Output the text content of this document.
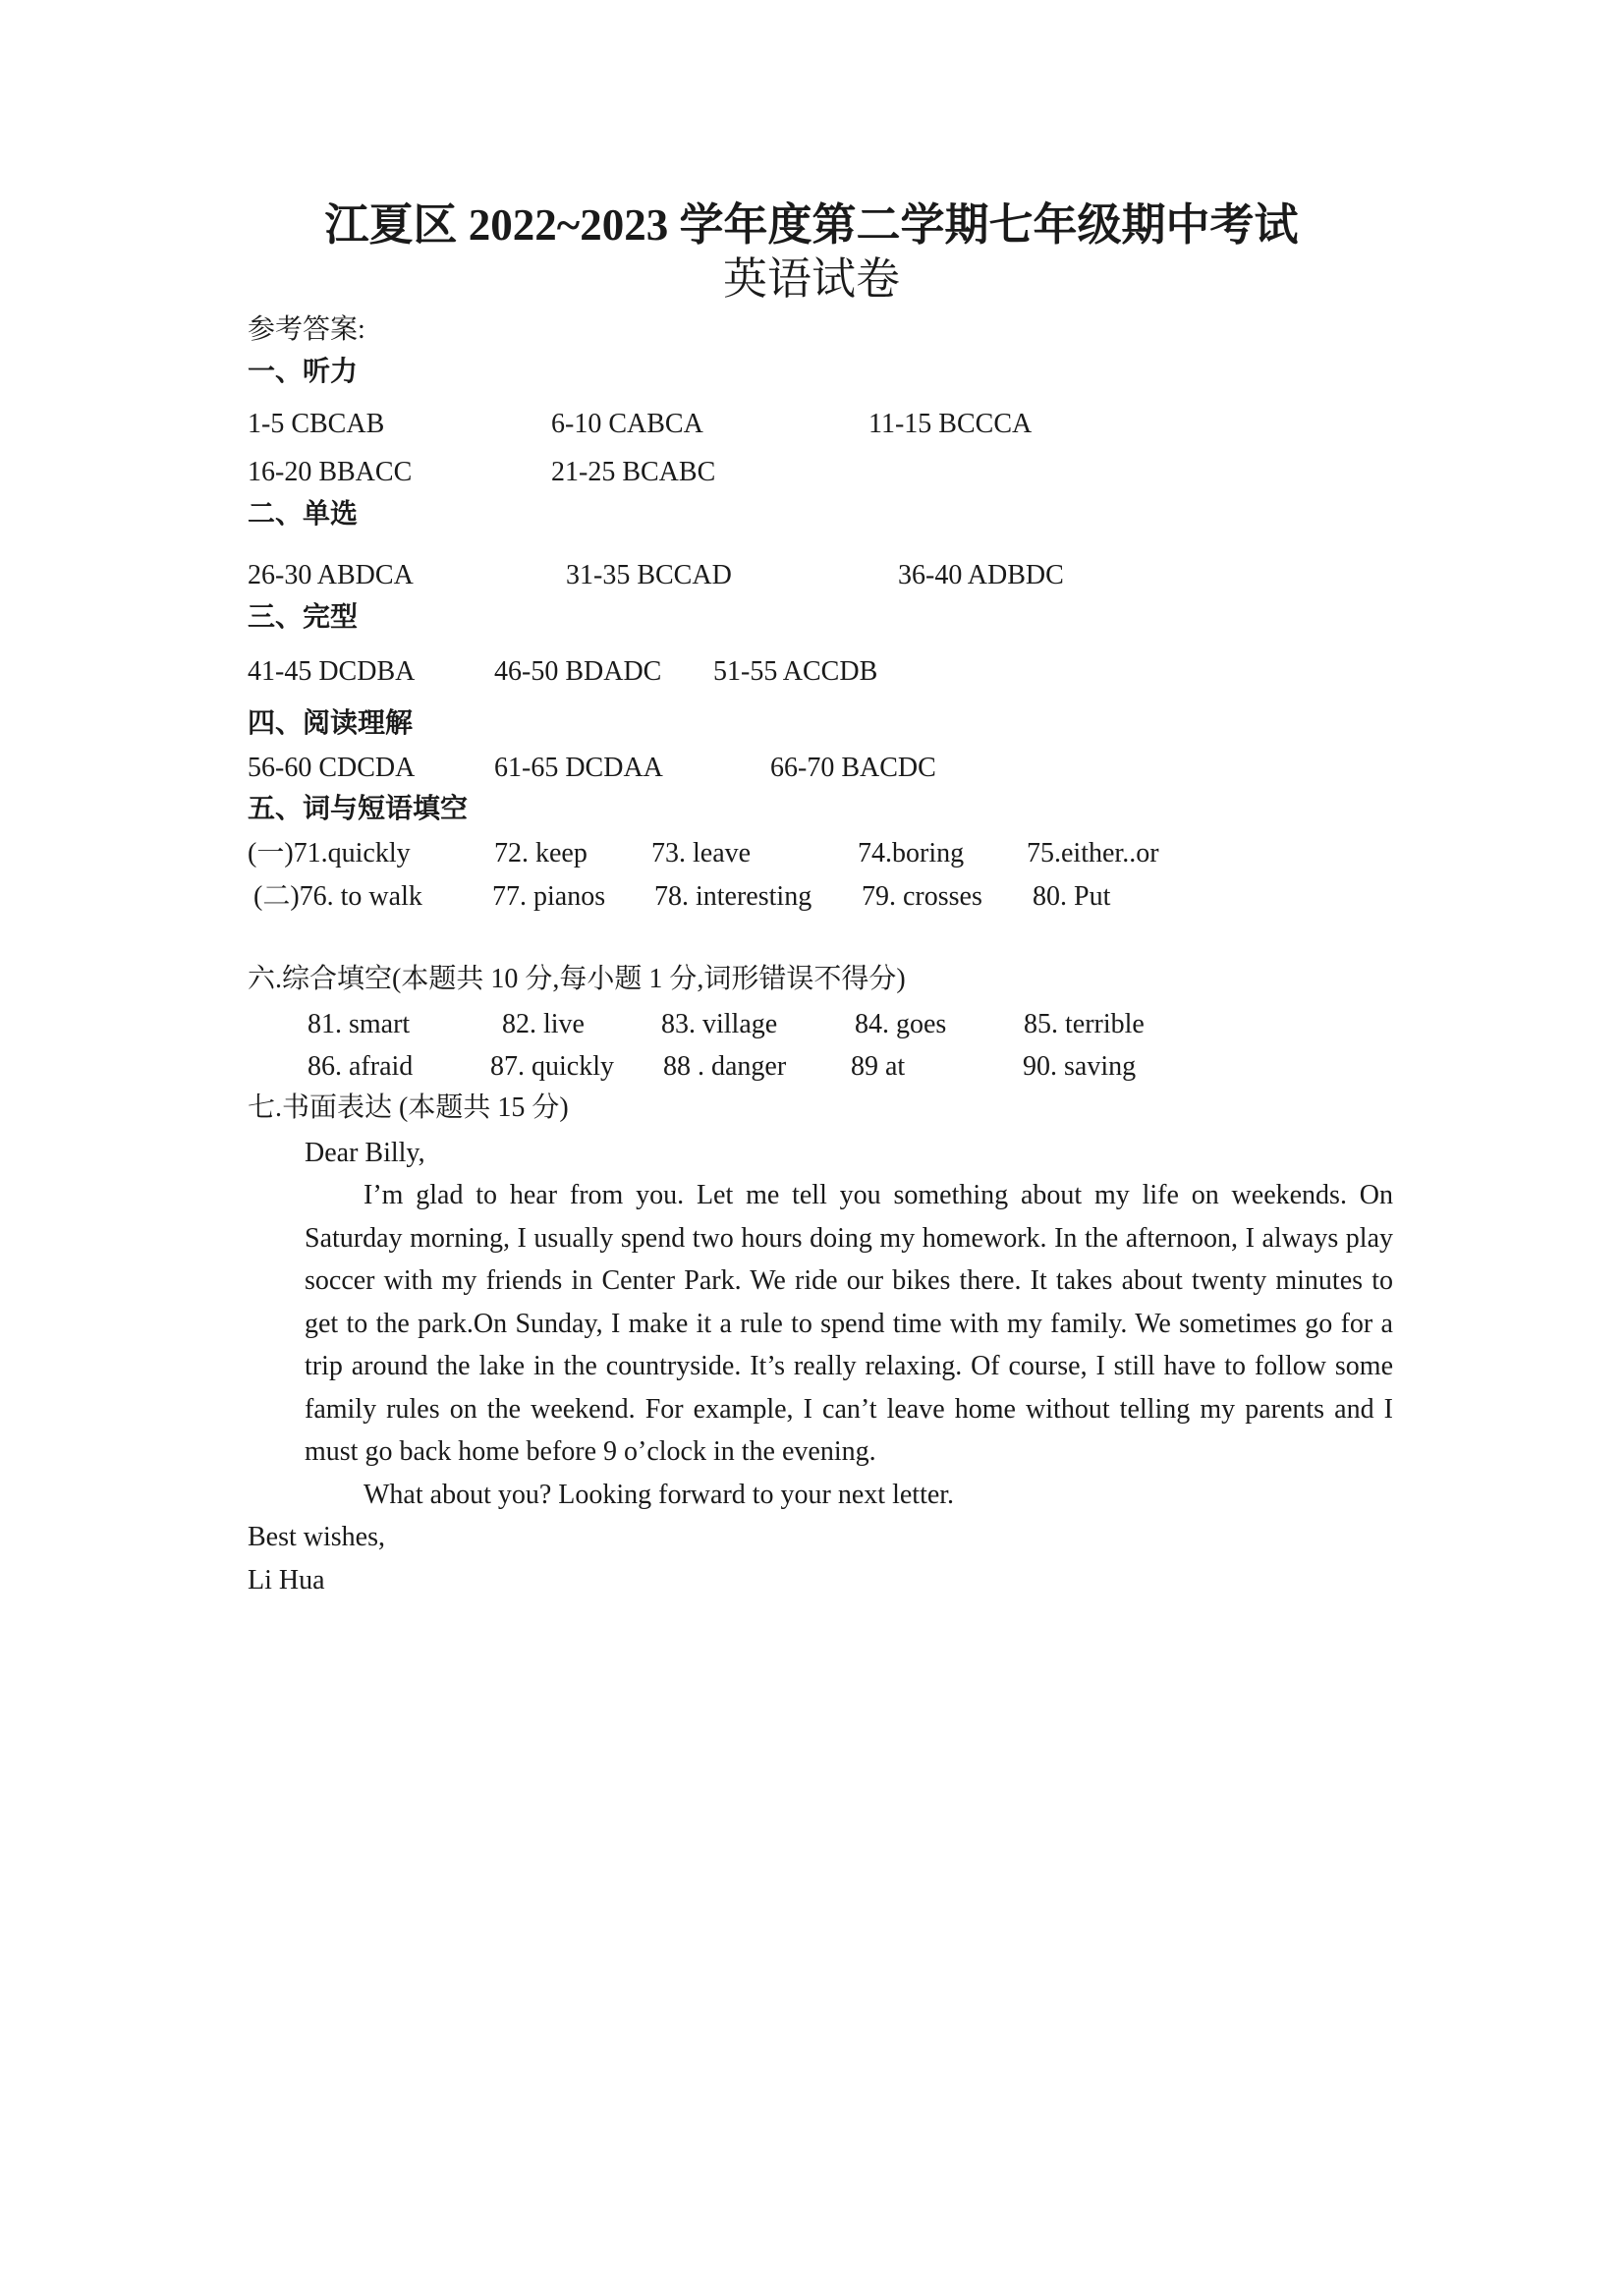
江夏区 2022~2023 学年度第二学期七年级期中考试
英语试卷
参考答案:
一、听力
1-5 CBCAB	6-10 CABCA	11-15 BCCCA
16-20 BBACC	21-25 BCABC
二、单选
26-30 ABDCA	31-35 BCCAD	36-40 ADBDC
三、完型
41-45 DCDBA	46-50 BDADC 51-55 ACCDB
四、阅读理解
56-60 CDCDA	61-65 DCDAA	66-70 BACDC
五、词与短语填空
(一)71.quickly	72. keep 73. leave	74.boring 75.either..or
(二)76. to walk	77. pianos 78. interesting 79. crosses 80. Put
六.综合填空(本题共 10 分,每小题 1 分,词形错误不得分)
81. smart	82. live	83. village	84. goes	85. terrible
86. afraid	87. quickly 88 . danger 89 at	90. saving
七.书面表达 (本题共 15 分)
Dear Billy,
I’m glad to hear from you. Let me tell you something about my life on weekends. On Saturday morning, I usually spend two hours doing my homework. In the afternoon, I always play soccer with my friends in Center Park. We ride our bikes there. It takes about twenty minutes to get to the park.On Sunday, I make it a rule to spend time with my family. We sometimes go for a trip around the lake in the countryside. It’s really relaxing. Of course, I still have to follow some family rules on the weekend. For example, I can’t leave home without telling my parents and I must go back home before 9 o’clock in the evening.
What about you? Looking forward to your next letter.
Best wishes,
Li Hua
